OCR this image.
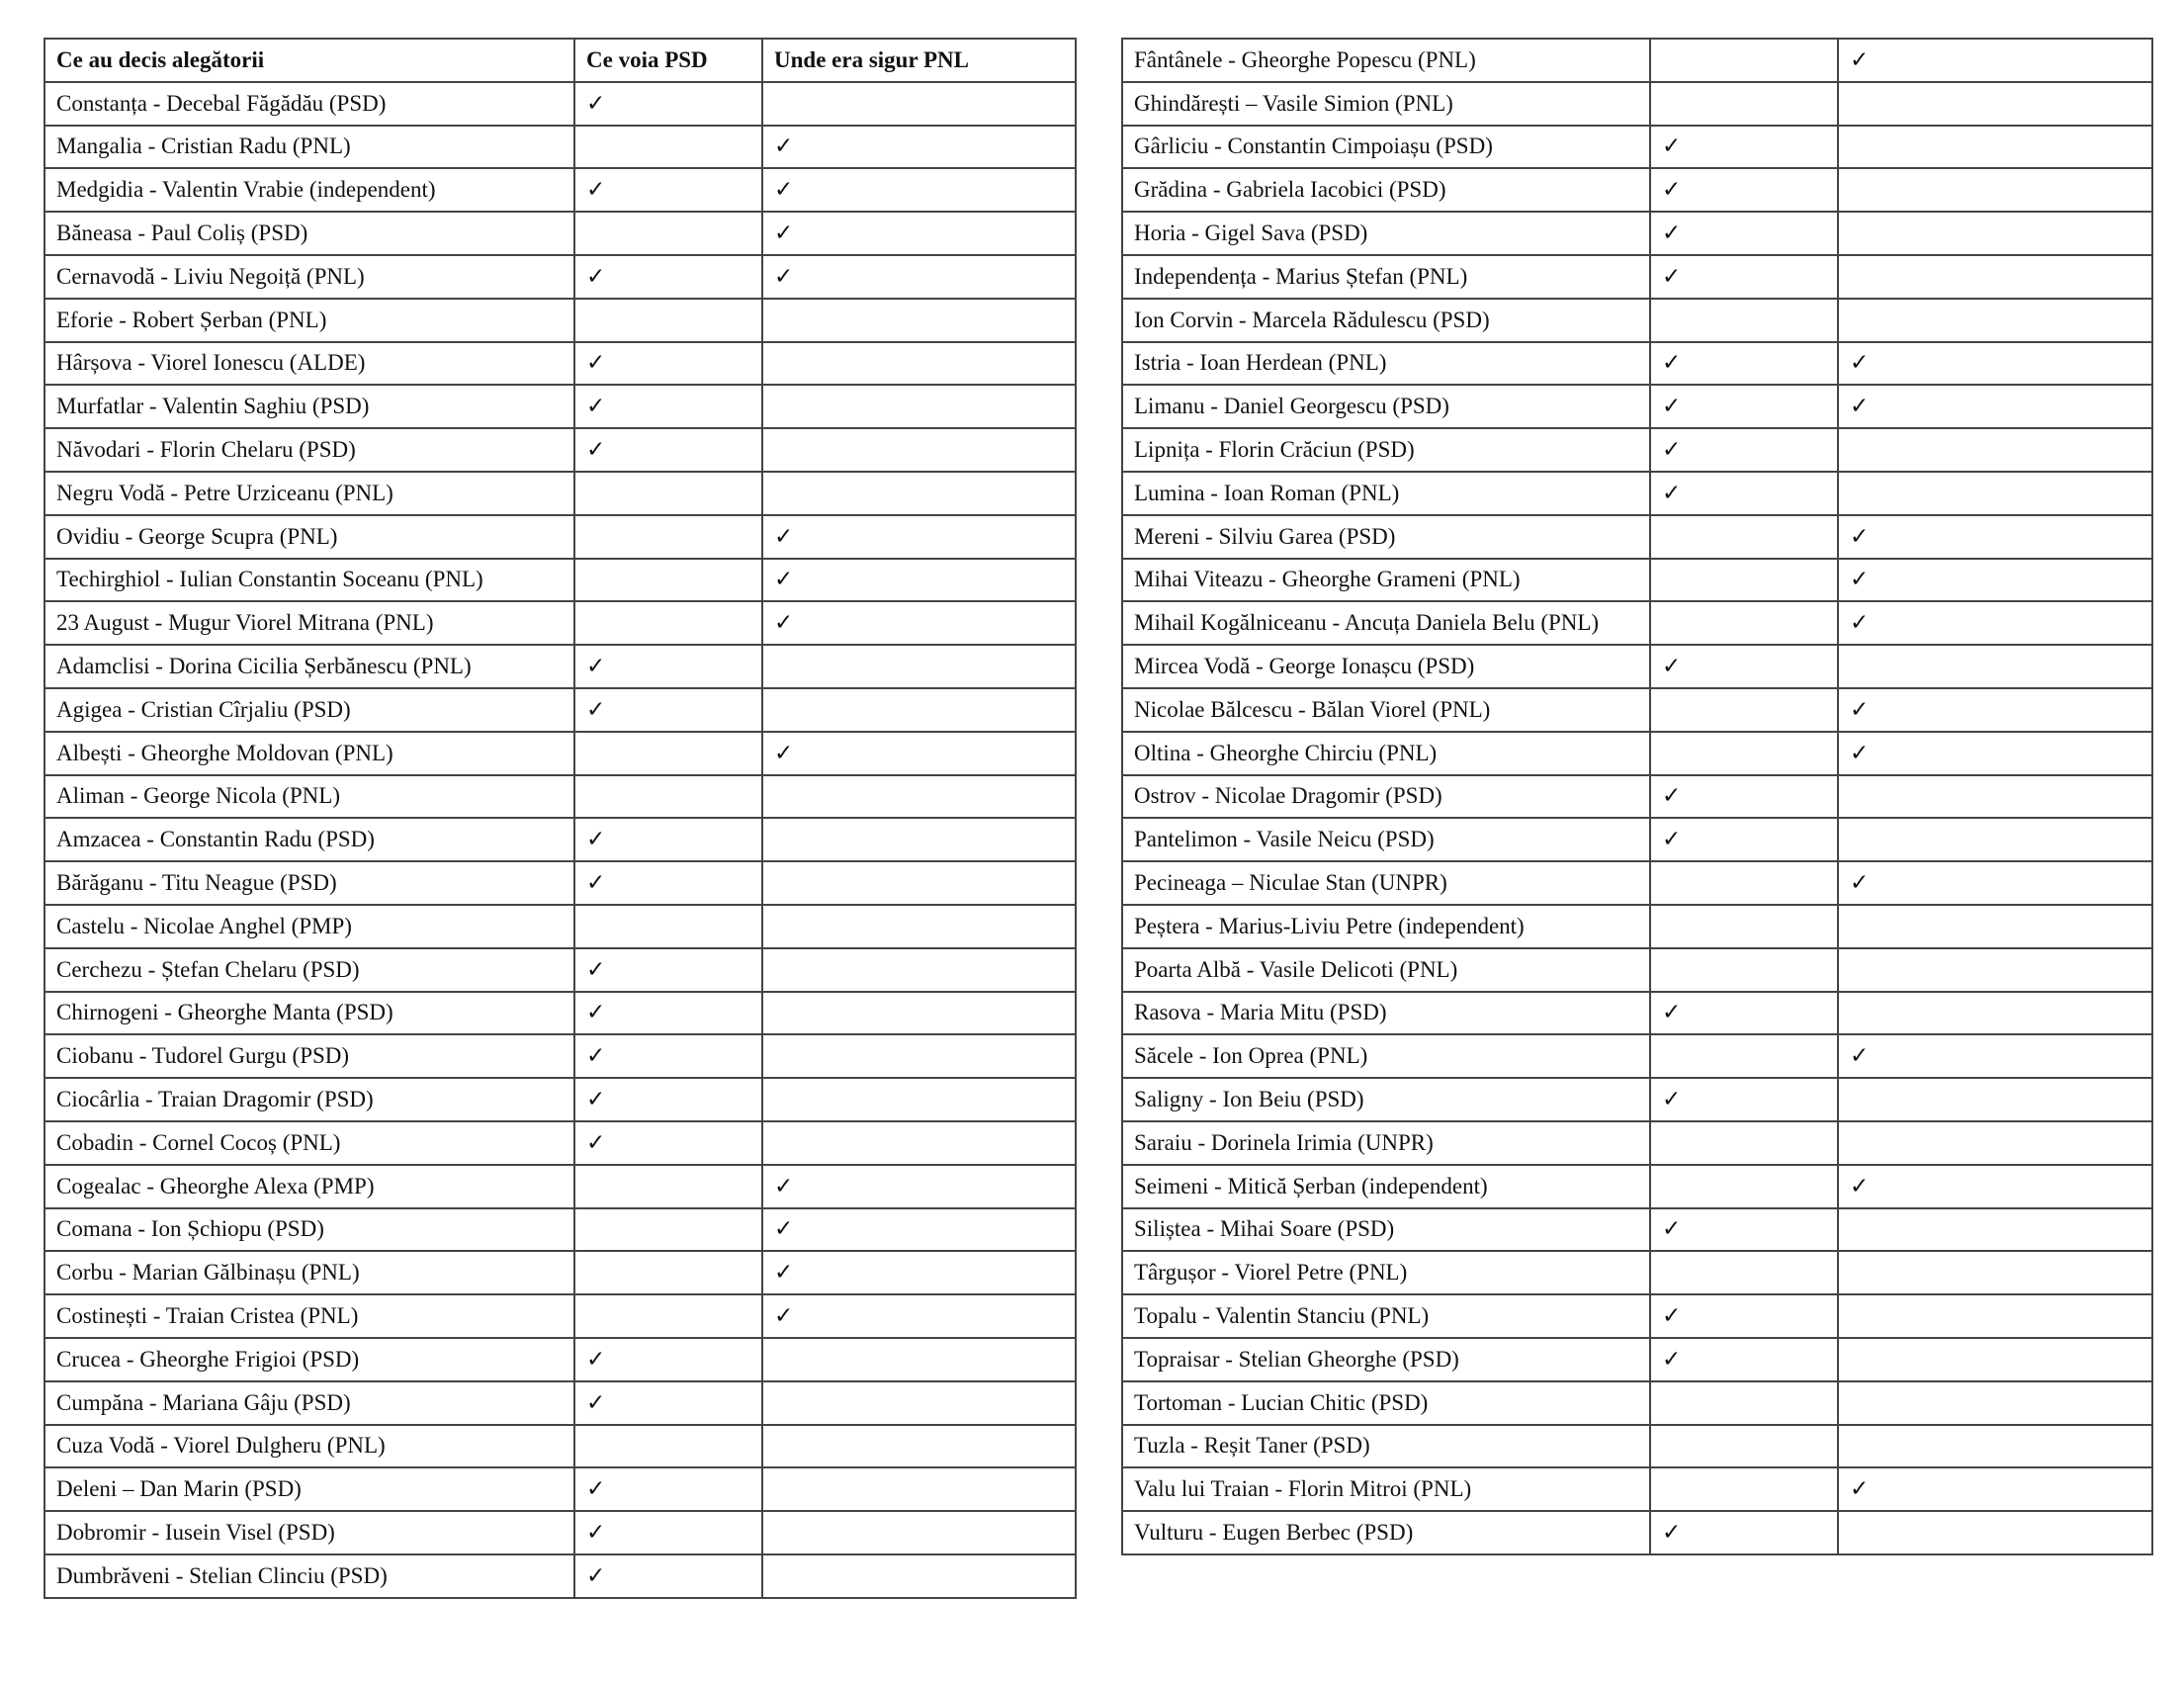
Ce au decis alegătorii	Ce voia PSD	Unde era sigur PNL
Constanța - Decebal Făgădău (PSD)	✓	
Mangalia - Cristian Radu (PNL)		✓
Medgidia - Valentin Vrabie (independent)	✓	✓
Băneasa - Paul Coliș (PSD)		✓
Cernavodă - Liviu Negoiță (PNL)	✓	✓
Eforie - Robert Șerban (PNL)		
Hârșova - Viorel Ionescu (ALDE)	✓	
Murfatlar - Valentin Saghiu (PSD)	✓	
Năvodari - Florin Chelaru (PSD)	✓	
Negru Vodă - Petre Urziceanu (PNL)		
Ovidiu - George Scupra (PNL)		✓
Techirghiol - Iulian Constantin Soceanu (PNL)		✓
23 August - Mugur Viorel Mitrana (PNL)		✓
Adamclisi - Dorina Cicilia Șerbănescu (PNL)	✓	
Agigea - Cristian Cîrjaliu (PSD)	✓	
Albești - Gheorghe Moldovan (PNL)		✓
Aliman - George Nicola (PNL)		
Amzacea - Constantin Radu (PSD)	✓	
Bărăganu - Titu Neague (PSD)	✓	
Castelu - Nicolae Anghel (PMP)		
Cerchezu - Ștefan Chelaru (PSD)	✓	
Chirnogeni - Gheorghe Manta (PSD)	✓	
Ciobanu - Tudorel Gurgu (PSD)	✓	
Ciocârlia - Traian Dragomir (PSD)	✓	
Cobadin - Cornel Cocoș (PNL)	✓	
Cogealac - Gheorghe Alexa (PMP)		✓
Comana - Ion Șchiopu (PSD)		✓
Corbu - Marian Gălbinașu (PNL)		✓
Costinești - Traian Cristea (PNL)		✓
Crucea - Gheorghe Frigioi (PSD)	✓	
Cumpăna - Mariana Gâju (PSD)	✓	
Cuza Vodă - Viorel Dulgheru (PNL)		
Deleni – Dan Marin (PSD)	✓	
Dobromir - Iusein Visel (PSD)	✓	
Dumbrăveni - Stelian Clinciu (PSD)	✓	
Fântânele - Gheorghe Popescu (PNL)		✓
Ghindărești – Vasile Simion (PNL)		
Gârliciu - Constantin Cimpoiașu (PSD)	✓	
Grădina - Gabriela Iacobici (PSD)	✓	
Horia - Gigel Sava (PSD)	✓	
Independența - Marius Ștefan (PNL)	✓	
Ion Corvin - Marcela Rădulescu (PSD)		
Istria - Ioan Herdean (PNL)	✓	✓
Limanu - Daniel Georgescu (PSD)	✓	✓
Lipnița - Florin Crăciun (PSD)	✓	
Lumina - Ioan Roman (PNL)	✓	
Mereni - Silviu Garea (PSD)		✓
Mihai Viteazu - Gheorghe Grameni (PNL)		✓
Mihail Kogălniceanu - Ancuța Daniela Belu (PNL)		✓
Mircea Vodă - George Ionașcu (PSD)	✓	
Nicolae Bălcescu - Bălan Viorel (PNL)		✓
Oltina - Gheorghe Chirciu (PNL)		✓
Ostrov - Nicolae Dragomir (PSD)	✓	
Pantelimon - Vasile Neicu (PSD)	✓	
Pecineaga – Niculae Stan (UNPR)		✓
Peștera - Marius-Liviu Petre (independent)		
Poarta Albă - Vasile Delicoti (PNL)		
Rasova - Maria Mitu (PSD)	✓	
Săcele - Ion Oprea (PNL)		✓
Saligny - Ion Beiu (PSD)	✓	
Saraiu - Dorinela Irimia (UNPR)		
Seimeni - Mitică Șerban (independent)		✓
Siliștea - Mihai Soare (PSD)	✓	
Târgușor - Viorel Petre (PNL)		
Topalu - Valentin Stanciu (PNL)	✓	
Topraisar - Stelian Gheorghe (PSD)	✓	
Tortoman - Lucian Chitic (PSD)		
Tuzla - Reșit Taner (PSD)		
Valu lui Traian - Florin Mitroi (PNL)		✓
Vulturu - Eugen Berbec (PSD)	✓	
